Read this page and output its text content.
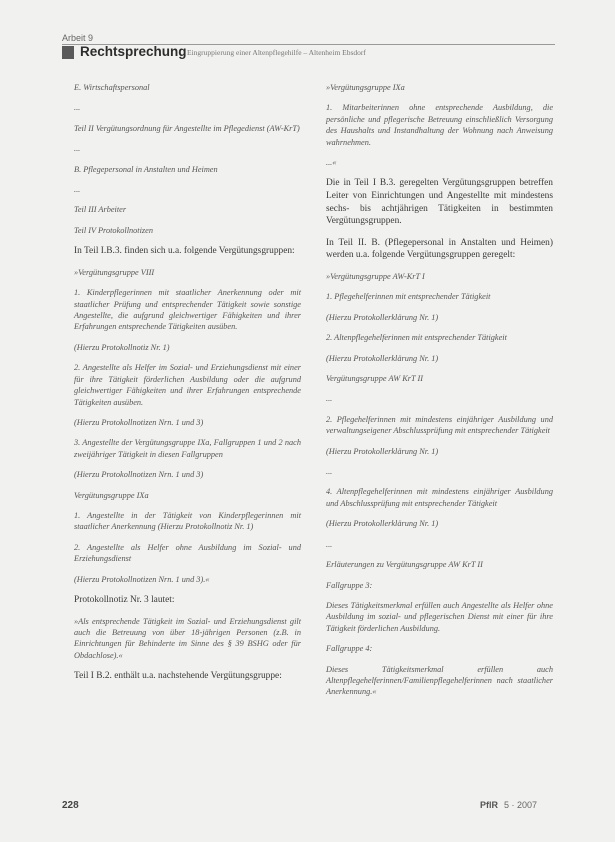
Arbeit 9
Rechtsprechung Eingruppierung einer Altenpflegehilfe – Altenheim Ebsdorf

E. Wirtschaftspersonal

...

Teil II Vergütungsordnung für Angestellte im Pflegedienst (AW-KrT)

...

B. Pflegepersonal in Anstalten und Heimen

...

Teil III Arbeiter

Teil IV Protokollnotizen

In Teil I.B.3. finden sich u.a. folgende Vergütungsgruppen:

»Vergütungsgruppe VIII

1. Kinderpflegerinnen mit staatlicher Anerkennung oder mit staatlicher Prüfung und entsprechender Tätigkeit sowie sonstige Angestellte, die aufgrund gleichwertiger Fähigkeiten und ihrer Erfahrungen entsprechende Tätigkeiten ausüben.

(Hierzu Protokollnotiz Nr. 1)

2. Angestellte als Helfer im Sozial- und Erziehungsdienst mit einer für ihre Tätigkeit förderlichen Ausbildung oder die aufgrund gleichwertiger Fähigkeiten und ihrer Erfahrungen entsprechende Tätigkeiten ausüben.

(Hierzu Protokollnotizen Nrn. 1 und 3)

3. Angestellte der Vergütungsgruppe IXa, Fallgruppen 1 und 2 nach zweijähriger Tätigkeit in diesen Fallgruppen

(Hierzu Protokollnotizen Nrn. 1 und 3)

Vergütungsgruppe IXa

1. Angestellte in der Tätigkeit von Kinderpflegerinnen mit staatlicher Anerkennung (Hierzu Protokollnotiz Nr. 1)

2. Angestellte als Helfer ohne Ausbildung im Sozial- und Erziehungsdienst

(Hierzu Protokollnotizen Nrn. 1 und 3).«

Protokollnotiz Nr. 3 lautet:

»Als entsprechende Tätigkeit im Sozial- und Erziehungsdienst gilt auch die Betreuung von über 18-jährigen Personen (z.B. in Einrichtungen für Behinderte im Sinne des § 39 BSHG oder für Obdachlose).«

Teil I B.2. enthält u.a. nachstehende Vergütungsgruppe:

»Vergütungsgruppe IXa

1. Mitarbeiterinnen ohne entsprechende Ausbildung, die persönliche und pflegerische Betreuung einschließlich Versorgung des Haushalts und Instandhaltung der Wohnung nach Anweisung wahrnehmen.

...«

Die in Teil I B.3. geregelten Vergütungsgruppen betreffen Leiter von Einrichtungen und Angestellte mit mindestens sechs- bis achtjährigen Tätigkeiten in bestimmten Vergütungsgruppen.

In Teil II. B. (Pflegepersonal in Anstalten und Heimen) werden u.a. folgende Vergütungsgruppen geregelt:

»Vergütungsgruppe AW-KrT I

1. Pflegehelferinnen mit entsprechender Tätigkeit

(Hierzu Protokollerklärung Nr. 1)

2. Altenpflegehelferinnen mit entsprechender Tätigkeit

(Hierzu Protokollerklärung Nr. 1)

Vergütungsgruppe AW KrT II

...

2. Pflegehelferinnen mit mindestens einjähriger Ausbildung und verwaltungseigener Abschlussprüfung mit entsprechender Tätigkeit

(Hierzu Protokollerklärung Nr. 1)

...

4. Altenpflegehelferinnen mit mindestens einjähriger Ausbildung und Abschlussprüfung mit entsprechender Tätigkeit

(Hierzu Protokollerklärung Nr. 1)

...

Erläuterungen zu Vergütungsgruppe AW KrT II

Fallgruppe 3:

Dieses Tätigkeitsmerkmal erfüllen auch Angestellte als Helfer ohne Ausbildung im sozial- und pflegerischen Dienst mit einer für ihre Tätigkeit förderlichen Ausbildung.

Fallgruppe 4:

Dieses Tätigkeitsmerkmal erfüllen auch Altenpflegehelferinnen/Familienpflegehelferinnen nach staatlicher Anerkennung.«

228	PflR 5 · 2007
